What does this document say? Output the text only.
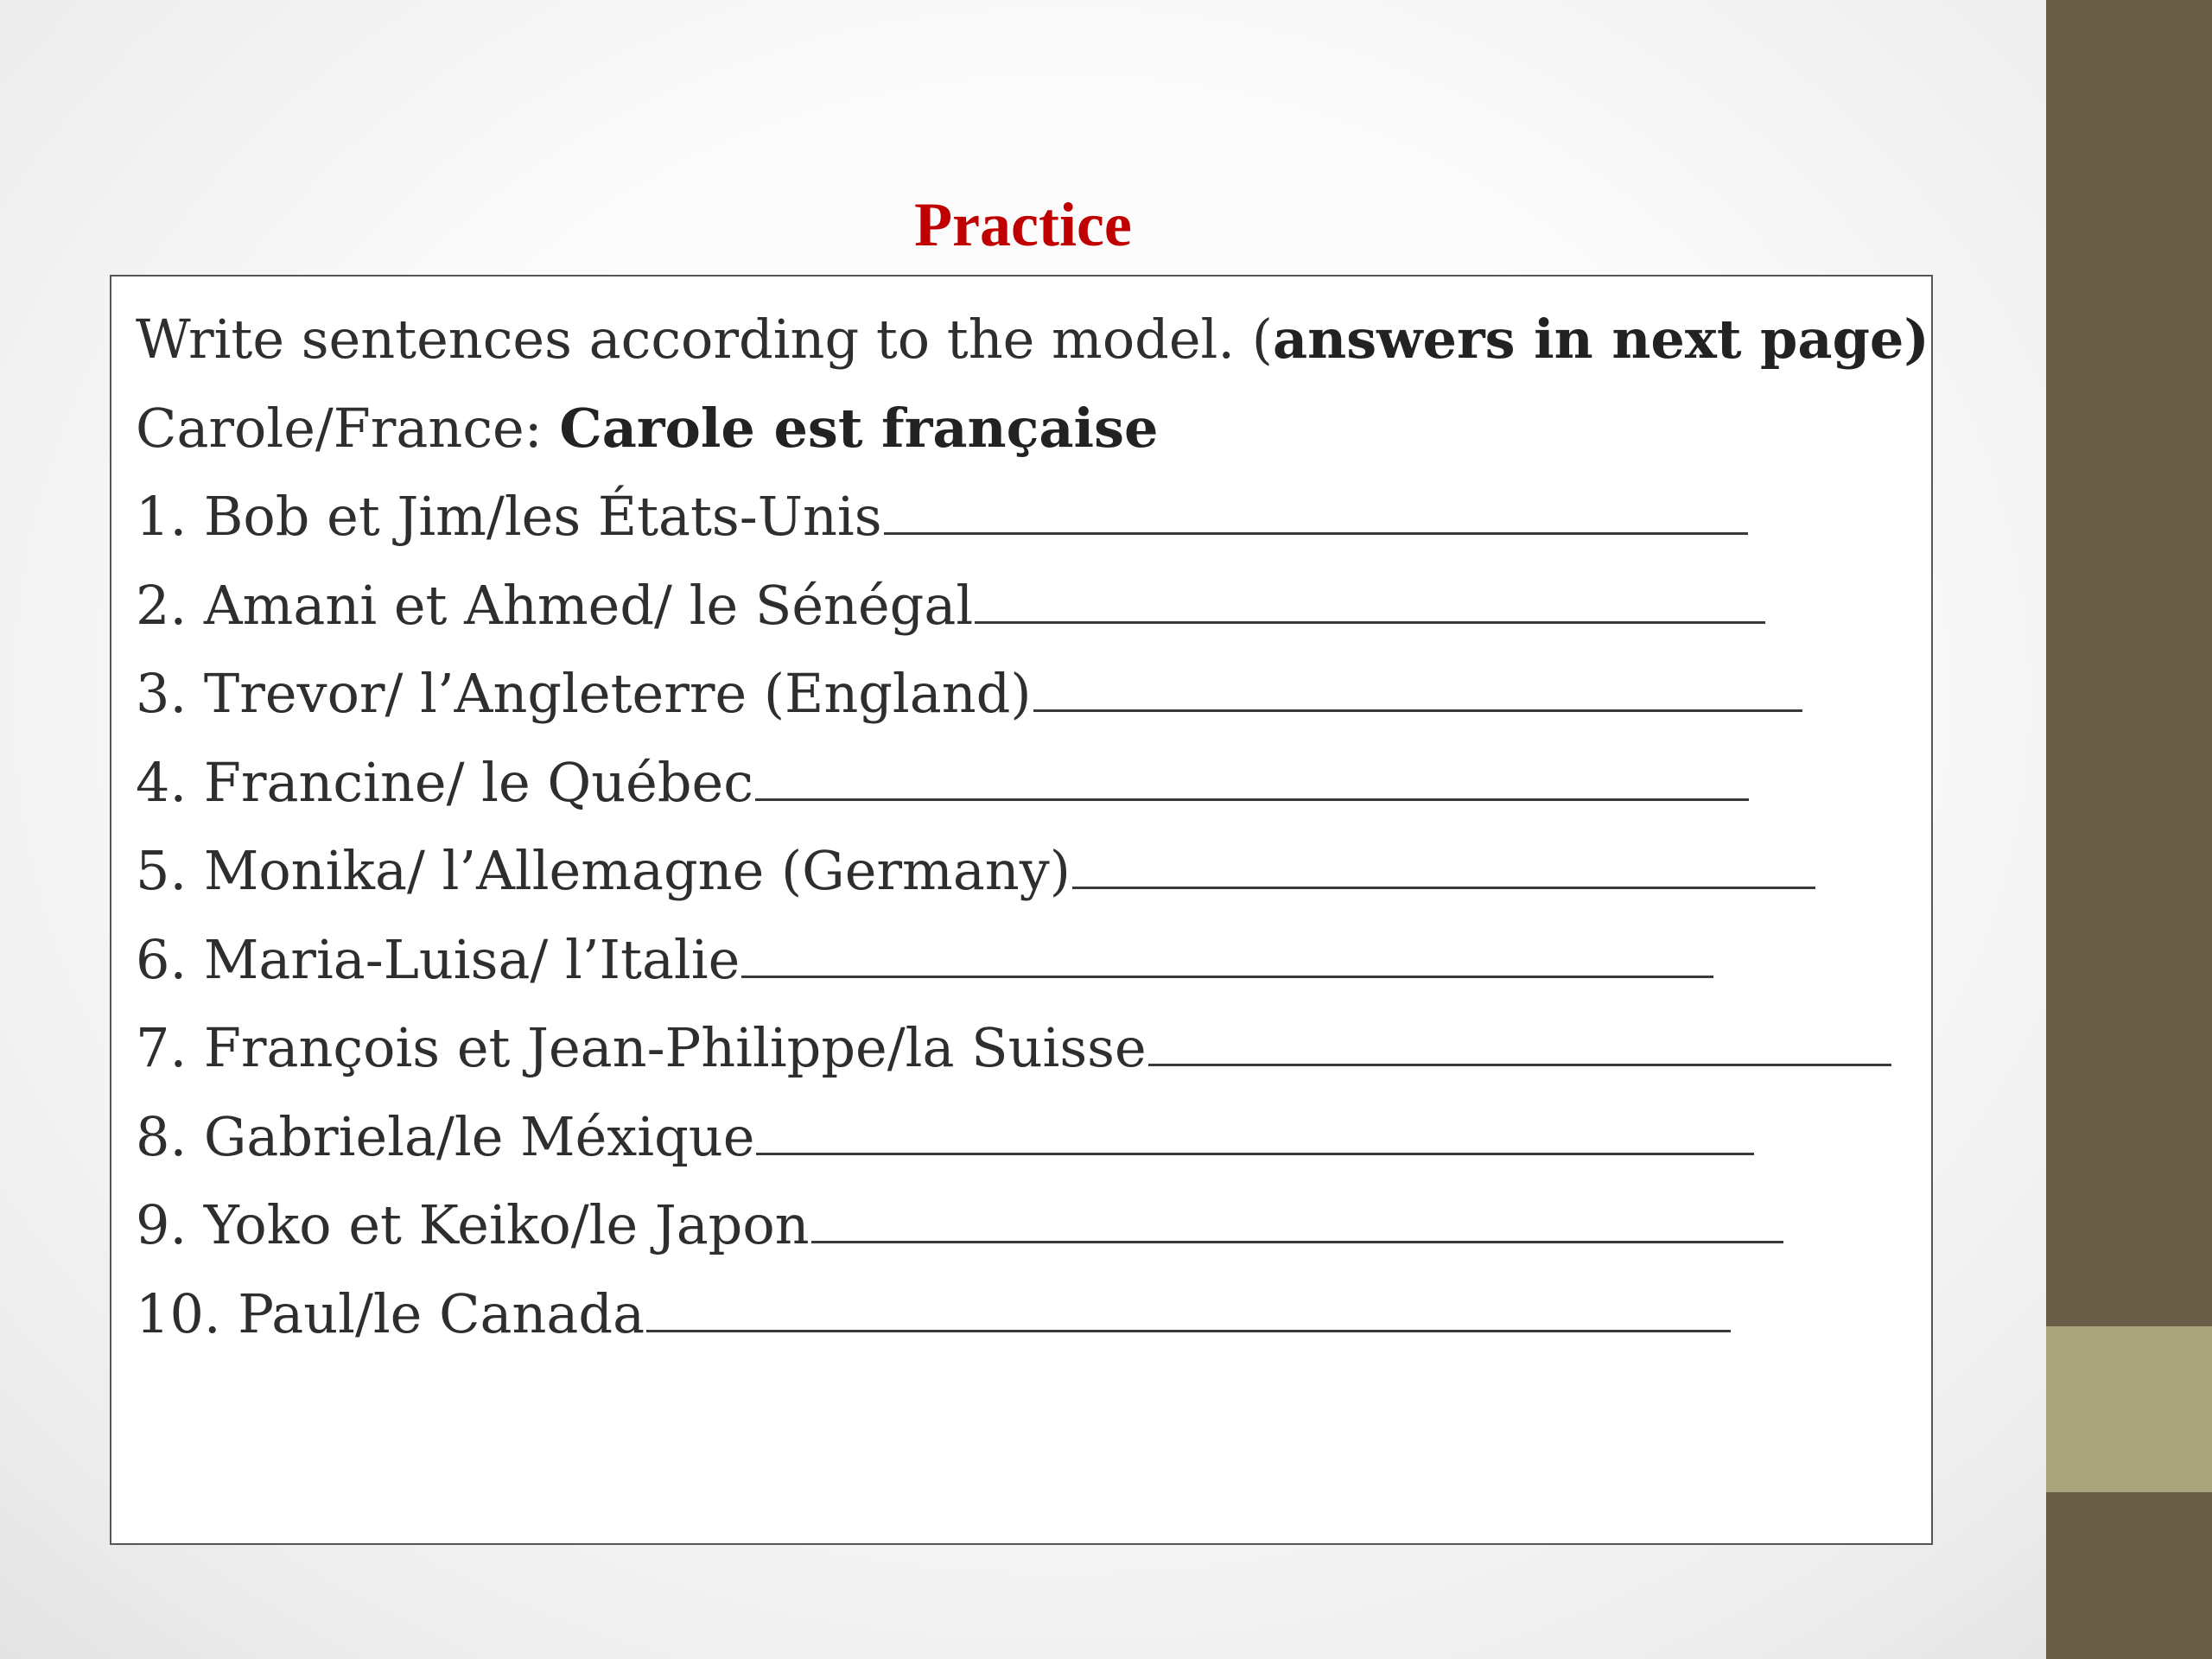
Practice
Write sentences according to the model. (answers in next page)
Carole/France: Carole est française
1. Bob et Jim/les États-Unis
2. Amani et Ahmed/ le Sénégal
3. Trevor/ l’Angleterre (England)
4. Francine/ le Québec
5. Monika/ l’Allemagne (Germany)
6. Maria-Luisa/ l’Italie
7. François et Jean-Philippe/la Suisse
8. Gabriela/le Méxique
9. Yoko et Keiko/le Japon
10. Paul/le Canada
